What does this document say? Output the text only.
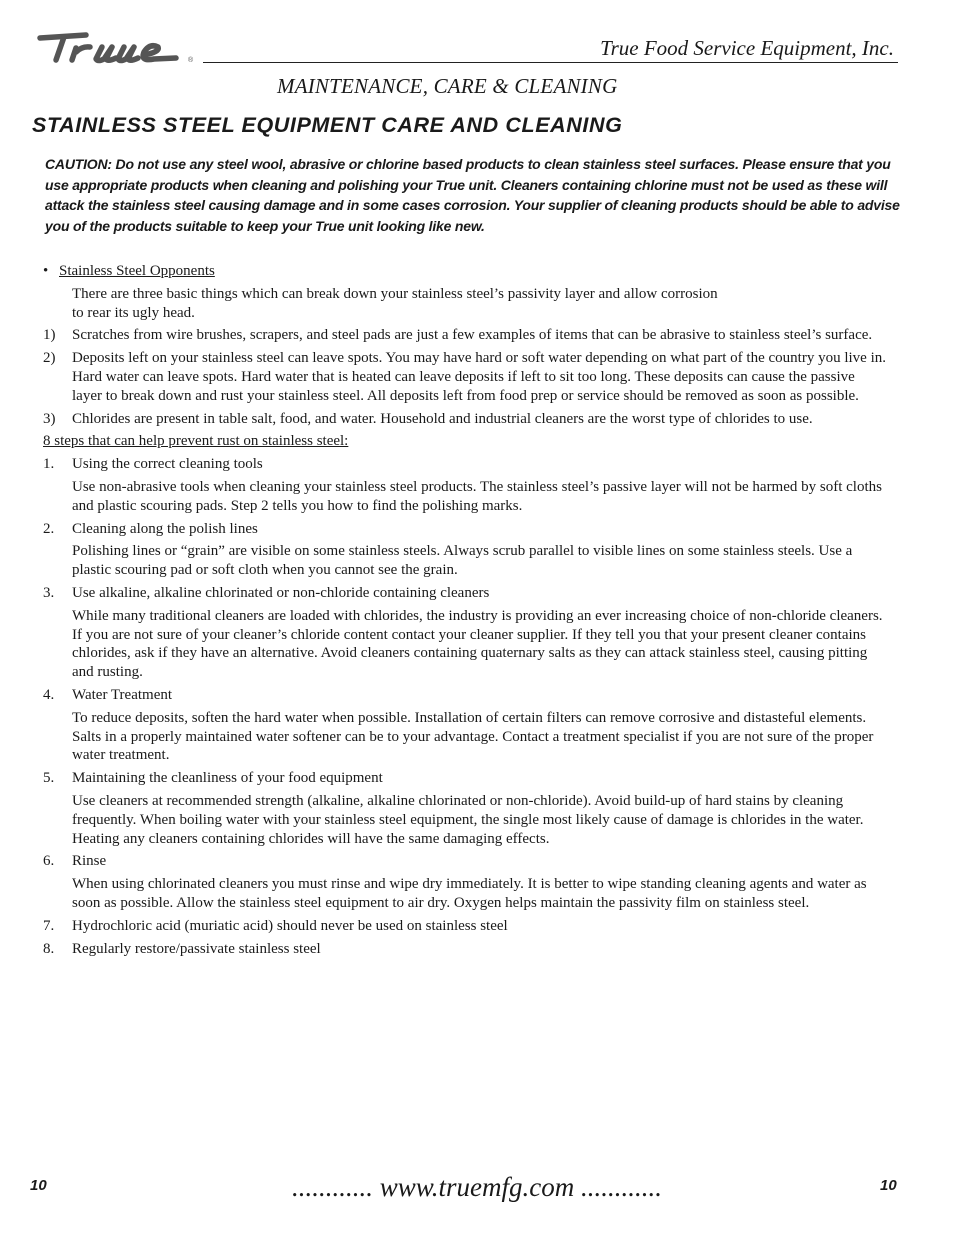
®
True Food Service Equipment, Inc.
MAINTENANCE, CARE & CLEANING
STAINLESS STEEL EQUIPMENT CARE AND CLEANING

CAUTION: Do not use any steel wool, abrasive or chlorine based products to clean stainless steel surfaces. Please ensure that you use appropriate products when cleaning and polishing your True unit. Cleaners containing chlorine must not be used as these will attack the stainless steel causing damage and in some cases corrosion. Your supplier of cleaning products should be able to advise you of the products suitable to keep your True unit looking like new.

• Stainless Steel Opponents
There are three basic things which can break down your stainless steel’s passivity layer and allow corrosion to rear its ugly head.
1)	Scratches from wire brushes, scrapers, and steel pads are just a few examples of items that can be abrasive to stainless steel’s surface.
2)	Deposits left on your stainless steel can leave spots. You may have hard or soft water depending on what part of the country you live in. Hard water can leave spots. Hard water that is heated can leave deposits if left to sit too long. These deposits can cause the passive layer to break down and rust your stainless steel. All deposits left from food prep or service should be removed as soon as possible.
3)	Chlorides are present in table salt, food, and water. Household and industrial cleaners are the worst type of chlorides to use.
8 steps that can help prevent rust on stainless steel:
1.	Using the correct cleaning tools
Use non-abrasive tools when cleaning your stainless steel products. The stainless steel’s passive layer will not be harmed by soft cloths and plastic scouring pads. Step 2 tells you how to find the polishing marks.
2.	Cleaning along the polish lines
Polishing lines or “grain” are visible on some stainless steels. Always scrub parallel to visible lines on some stainless steels. Use a plastic scouring pad or soft cloth when you cannot see the grain.
3.	Use alkaline, alkaline chlorinated or non-chloride containing cleaners
While many traditional cleaners are loaded with chlorides, the industry is providing an ever increasing choice of non-chloride cleaners. If you are not sure of your cleaner’s chloride content contact your cleaner supplier. If they tell you that your present cleaner contains chlorides, ask if they have an alternative. Avoid cleaners containing quaternary salts as they can attack stainless steel, causing pitting and rusting.
4.	Water Treatment
To reduce deposits, soften the hard water when possible. Installation of certain filters can remove corrosive and distasteful elements. Salts in a properly maintained water softener can be to your advantage. Contact a treatment specialist if you are not sure of the proper water treatment.
5.	Maintaining the cleanliness of your food equipment
Use cleaners at recommended strength (alkaline, alkaline chlorinated or non-chloride). Avoid build-up of hard stains by cleaning frequently. When boiling water with your stainless steel equipment, the single most likely cause of damage is chlorides in the water. Heating any cleaners containing chlorides will have the same damaging effects.
6.	Rinse
When using chlorinated cleaners you must rinse and wipe dry immediately. It is better to wipe standing cleaning agents and water as soon as possible. Allow the stainless steel equipment to air dry. Oxygen helps maintain the passivity film on stainless steel.
7.	Hydrochloric acid (muriatic acid) should never be used on stainless steel
8.	Regularly restore/passivate stainless steel
............ www.truemfg.com ............
10	10
